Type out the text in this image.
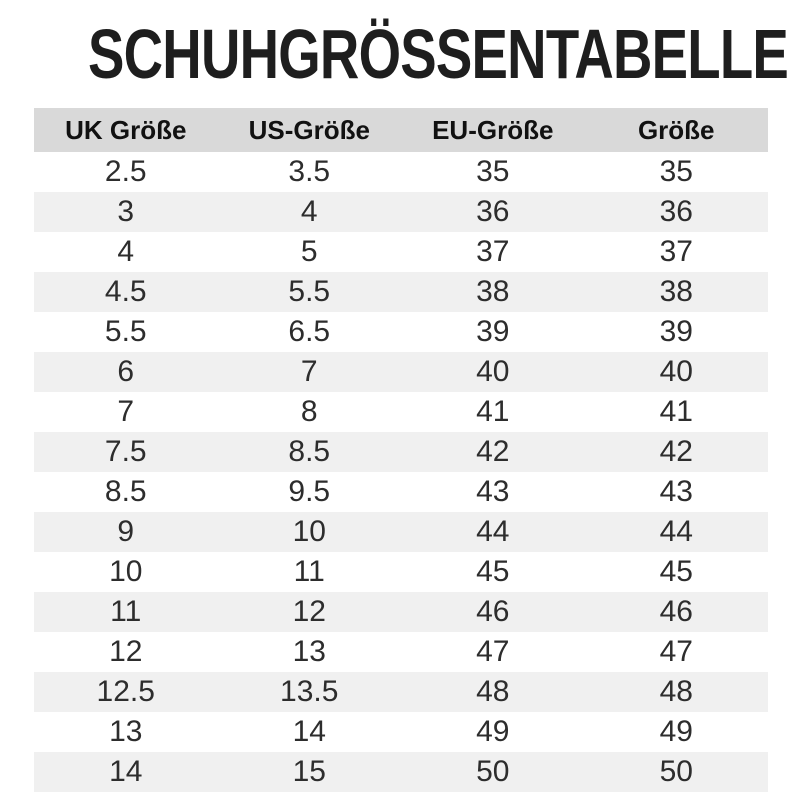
SCHUHGRÖSSENTABELLE
UK Größe	US-Größe	EU-Größe	Größe
2.5	3.5	35	35
3	4	36	36
4	5	37	37
4.5	5.5	38	38
5.5	6.5	39	39
6	7	40	40
7	8	41	41
7.5	8.5	42	42
8.5	9.5	43	43
9	10	44	44
10	11	45	45
11	12	46	46
12	13	47	47
12.5	13.5	48	48
13	14	49	49
14	15	50	50
